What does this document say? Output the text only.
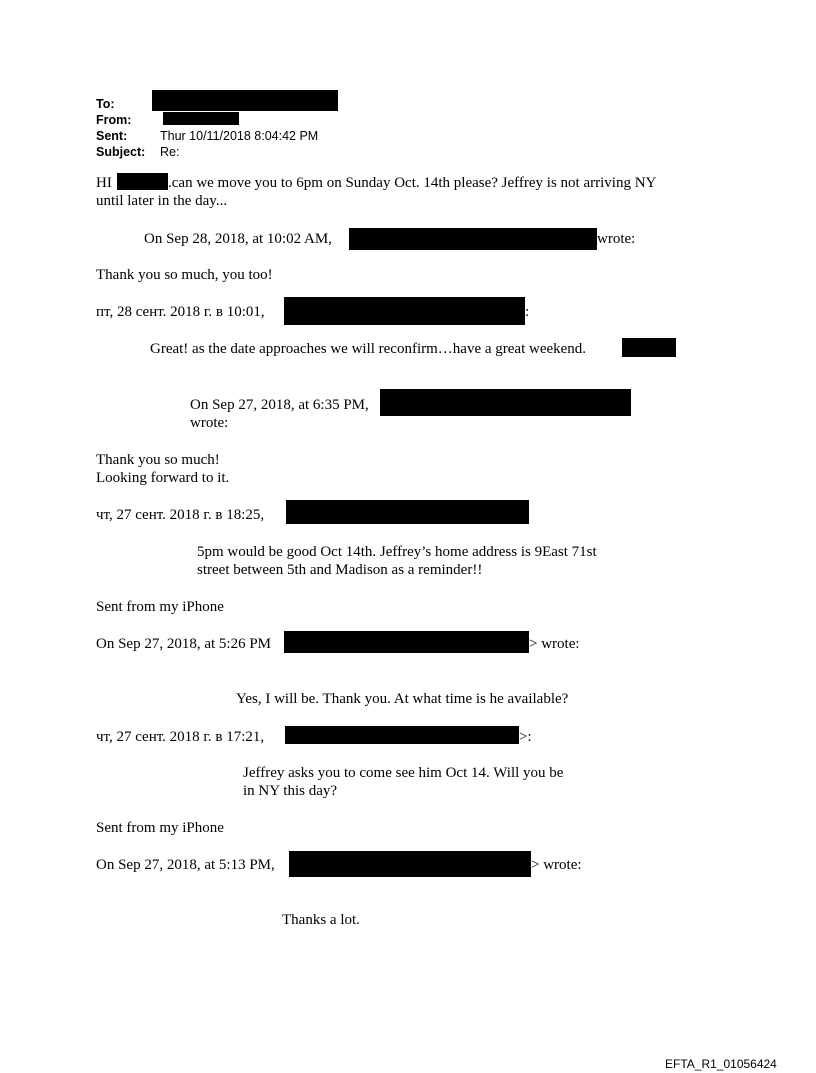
To:
From:
Sent:	Thur 10/11/2018 8:04:42 PM
Subject: Re:
HI	.can we move you to 6pm on Sunday Oct. 14th please? Jeffrey is not arriving NY
until later in the day...
On Sep 28, 2018, at 10:02 AM,	wrote:
Thank you so much, you too!
пт, 28 сент. 2018 г. в 10:01,	:
Great! as the date approaches we will reconfirm…have a great weekend.
On Sep 27, 2018, at 6:35 PM,
wrote:
Thank you so much!
Looking forward to it.
чт, 27 сент. 2018 г. в 18:25,
5pm would be good Oct 14th. Jeffrey’s home address is 9East 71st
street between 5th and Madison as a reminder!!
Sent from my iPhone
On Sep 27, 2018, at 5:26 PM	> wrote:
Yes, I will be. Thank you. At what time is he available?
чт, 27 сент. 2018 г. в 17:21,	>:
Jeffrey asks you to come see him Oct 14. Will you be
in NY this day?
Sent from my iPhone
On Sep 27, 2018, at 5:13 PM,	> wrote:
Thanks a lot.
EFTA_R1_01056424
